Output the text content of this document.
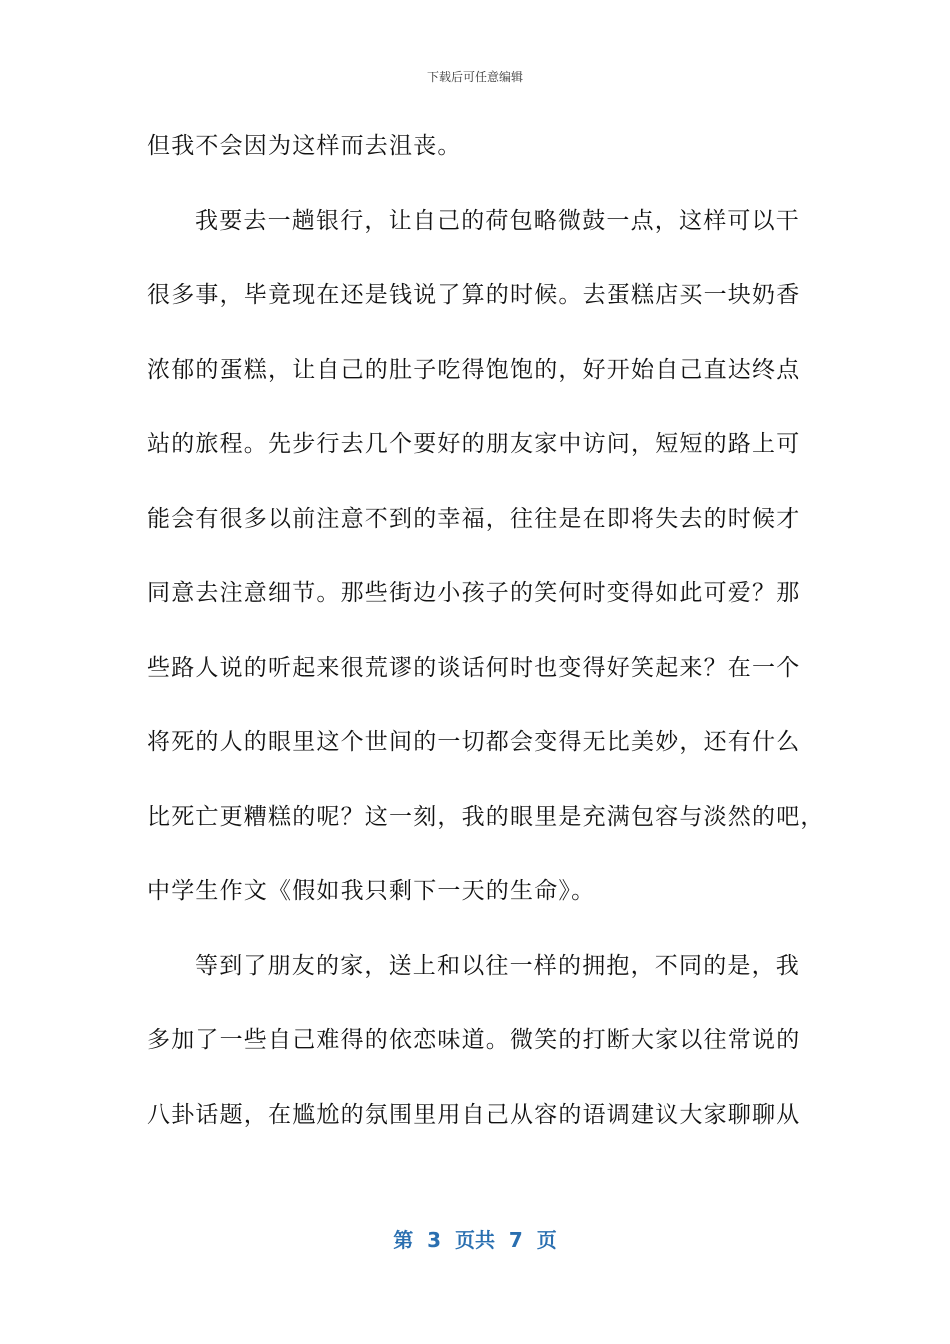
下载后可任意编辑
但我不会因为这样而去沮丧。
我要去一趟银行，让自己的荷包略微鼓一点，这样可以干
很多事，毕竟现在还是钱说了算的时候。去蛋糕店买一块奶香
浓郁的蛋糕，让自己的肚子吃得饱饱的，好开始自己直达终点
站的旅程。先步行去几个要好的朋友家中访问，短短的路上可
能会有很多以前注意不到的幸福，往往是在即将失去的时候才
同意去注意细节。那些街边小孩子的笑何时变得如此可爱？那
些路人说的听起来很荒谬的谈话何时也变得好笑起来？在一个
将死的人的眼里这个世间的一切都会变得无比美妙，还有什么
比死亡更糟糕的呢？这一刻，我的眼里是充满包容与淡然的吧，
中学生作文《假如我只剩下一天的生命》。
等到了朋友的家，送上和以往一样的拥抱，不同的是，我
多加了一些自己难得的依恋味道。微笑的打断大家以往常说的
八卦话题，在尴尬的氛围里用自己从容的语调建议大家聊聊从
第  3  页共  7  页
